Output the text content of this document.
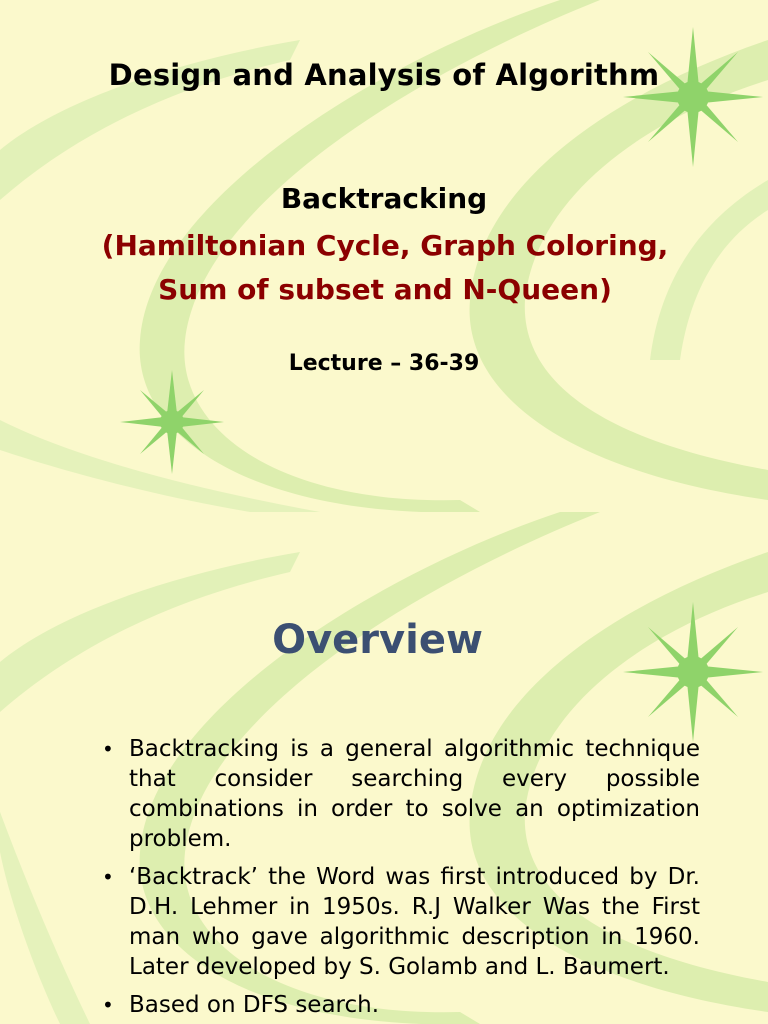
Design and Analysis of Algorithm
Backtracking
(Hamiltonian Cycle, Graph Coloring,
Sum of subset and N-Queen)
Lecture – 36-39
Overview
• Backtracking is a general algorithmic technique that consider searching every possible combinations in order to solve an optimization problem.
• ‘Backtrack’ the Word was first introduced by Dr. D.H. Lehmer in 1950s. R.J Walker Was the First man who gave algorithmic description in 1960. Later developed by S. Golamb and L. Baumert.
• Based on DFS search.
